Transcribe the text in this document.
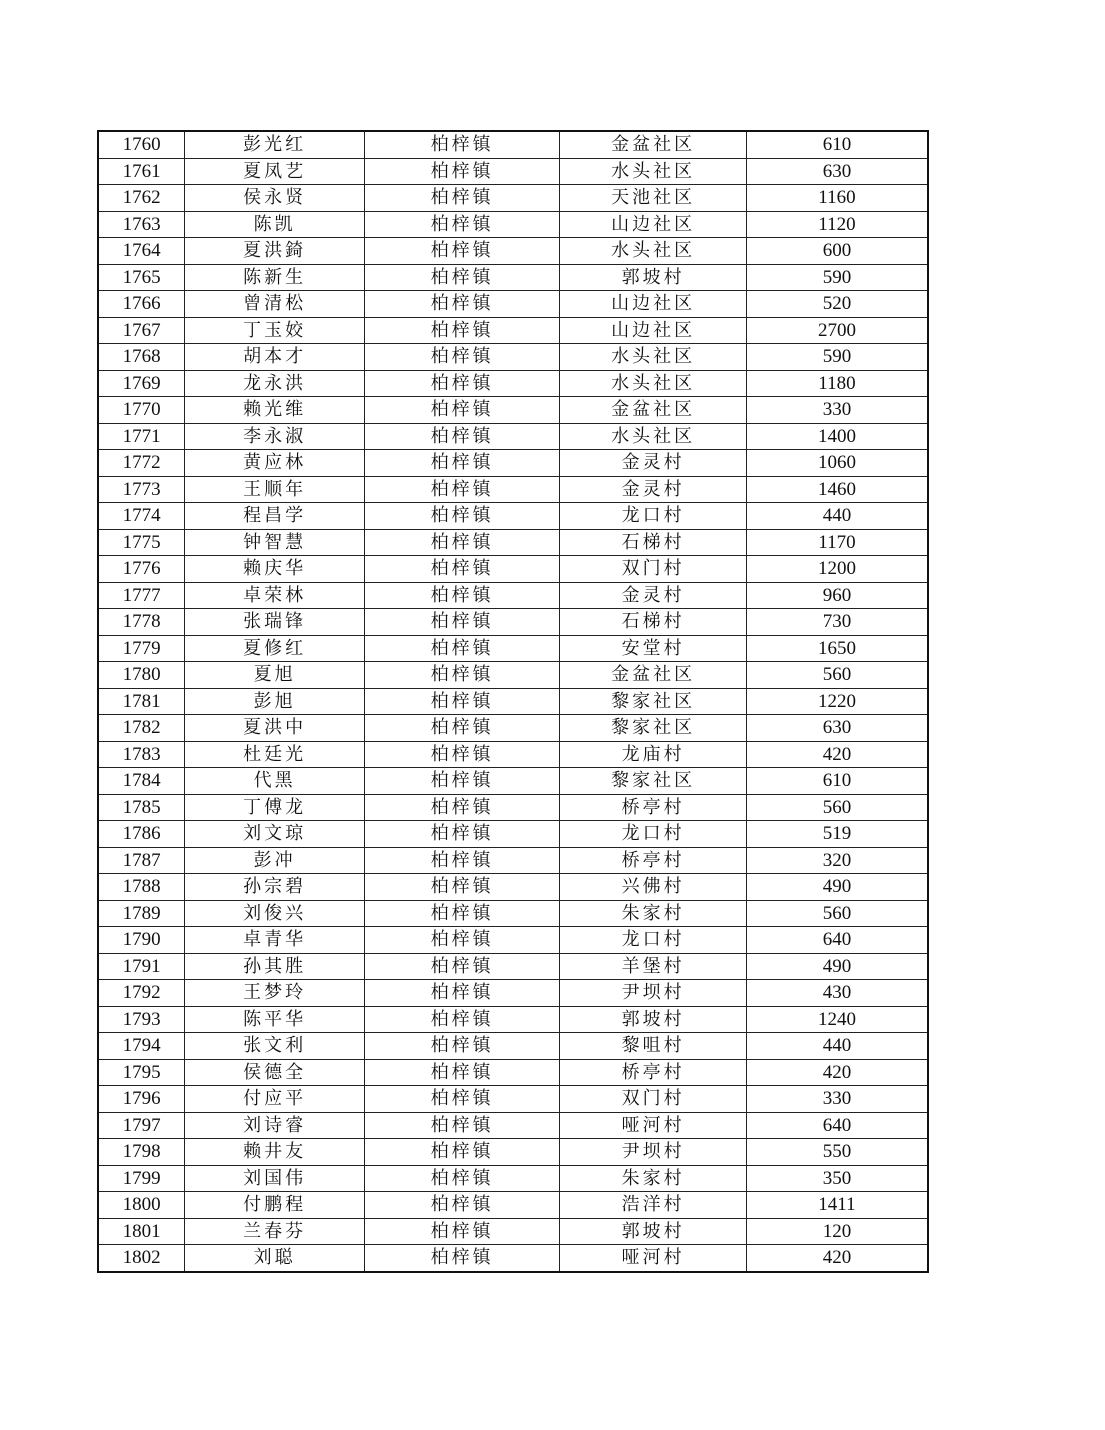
1760	彭光红	柏梓镇	金盆社区	610
1761	夏凤艺	柏梓镇	水头社区	630
1762	侯永贤	柏梓镇	天池社区	1160
1763	陈凯	柏梓镇	山边社区	1120
1764	夏洪錡	柏梓镇	水头社区	600
1765	陈新生	柏梓镇	郭坡村	590
1766	曾清松	柏梓镇	山边社区	520
1767	丁玉姣	柏梓镇	山边社区	2700
1768	胡本才	柏梓镇	水头社区	590
1769	龙永洪	柏梓镇	水头社区	1180
1770	赖光维	柏梓镇	金盆社区	330
1771	李永淑	柏梓镇	水头社区	1400
1772	黄应林	柏梓镇	金灵村	1060
1773	王顺年	柏梓镇	金灵村	1460
1774	程昌学	柏梓镇	龙口村	440
1775	钟智慧	柏梓镇	石梯村	1170
1776	赖庆华	柏梓镇	双门村	1200
1777	卓荣林	柏梓镇	金灵村	960
1778	张瑞锋	柏梓镇	石梯村	730
1779	夏修红	柏梓镇	安堂村	1650
1780	夏旭	柏梓镇	金盆社区	560
1781	彭旭	柏梓镇	黎家社区	1220
1782	夏洪中	柏梓镇	黎家社区	630
1783	杜廷光	柏梓镇	龙庙村	420
1784	代黑	柏梓镇	黎家社区	610
1785	丁傅龙	柏梓镇	桥亭村	560
1786	刘文琼	柏梓镇	龙口村	519
1787	彭冲	柏梓镇	桥亭村	320
1788	孙宗碧	柏梓镇	兴佛村	490
1789	刘俊兴	柏梓镇	朱家村	560
1790	卓青华	柏梓镇	龙口村	640
1791	孙其胜	柏梓镇	羊堡村	490
1792	王梦玲	柏梓镇	尹坝村	430
1793	陈平华	柏梓镇	郭坡村	1240
1794	张文利	柏梓镇	黎咀村	440
1795	侯德全	柏梓镇	桥亭村	420
1796	付应平	柏梓镇	双门村	330
1797	刘诗睿	柏梓镇	哑河村	640
1798	赖井友	柏梓镇	尹坝村	550
1799	刘国伟	柏梓镇	朱家村	350
1800	付鹏程	柏梓镇	浩洋村	1411
1801	兰春芬	柏梓镇	郭坡村	120
1802	刘聪	柏梓镇	哑河村	420
